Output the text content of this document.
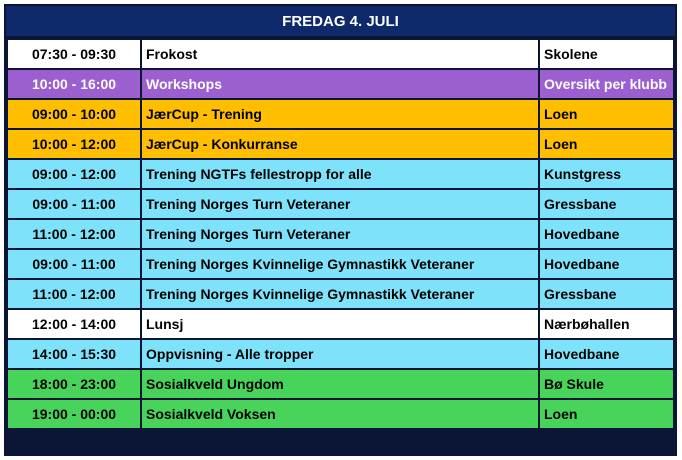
FREDAG 4. JULI
07:30 - 09:30	Frokost	Skolene
10:00 - 16:00	Workshops	Oversikt per klubb
09:00 - 10:00	JærCup - Trening	Loen
10:00 - 12:00	JærCup - Konkurranse	Loen
09:00 - 12:00	Trening NGTFs fellestropp for alle	Kunstgress
09:00 - 11:00	Trening Norges Turn Veteraner	Gressbane
11:00 - 12:00	Trening Norges Turn Veteraner	Hovedbane
09:00 - 11:00	Trening Norges Kvinnelige Gymnastikk Veteraner	Hovedbane
11:00 - 12:00	Trening Norges Kvinnelige Gymnastikk Veteraner	Gressbane
12:00 - 14:00	Lunsj	Nærbøhallen
14:00 - 15:30	Oppvisning - Alle tropper	Hovedbane
18:00 - 23:00	Sosialkveld Ungdom	Bø Skule
19:00 - 00:00	Sosialkveld Voksen	Loen
